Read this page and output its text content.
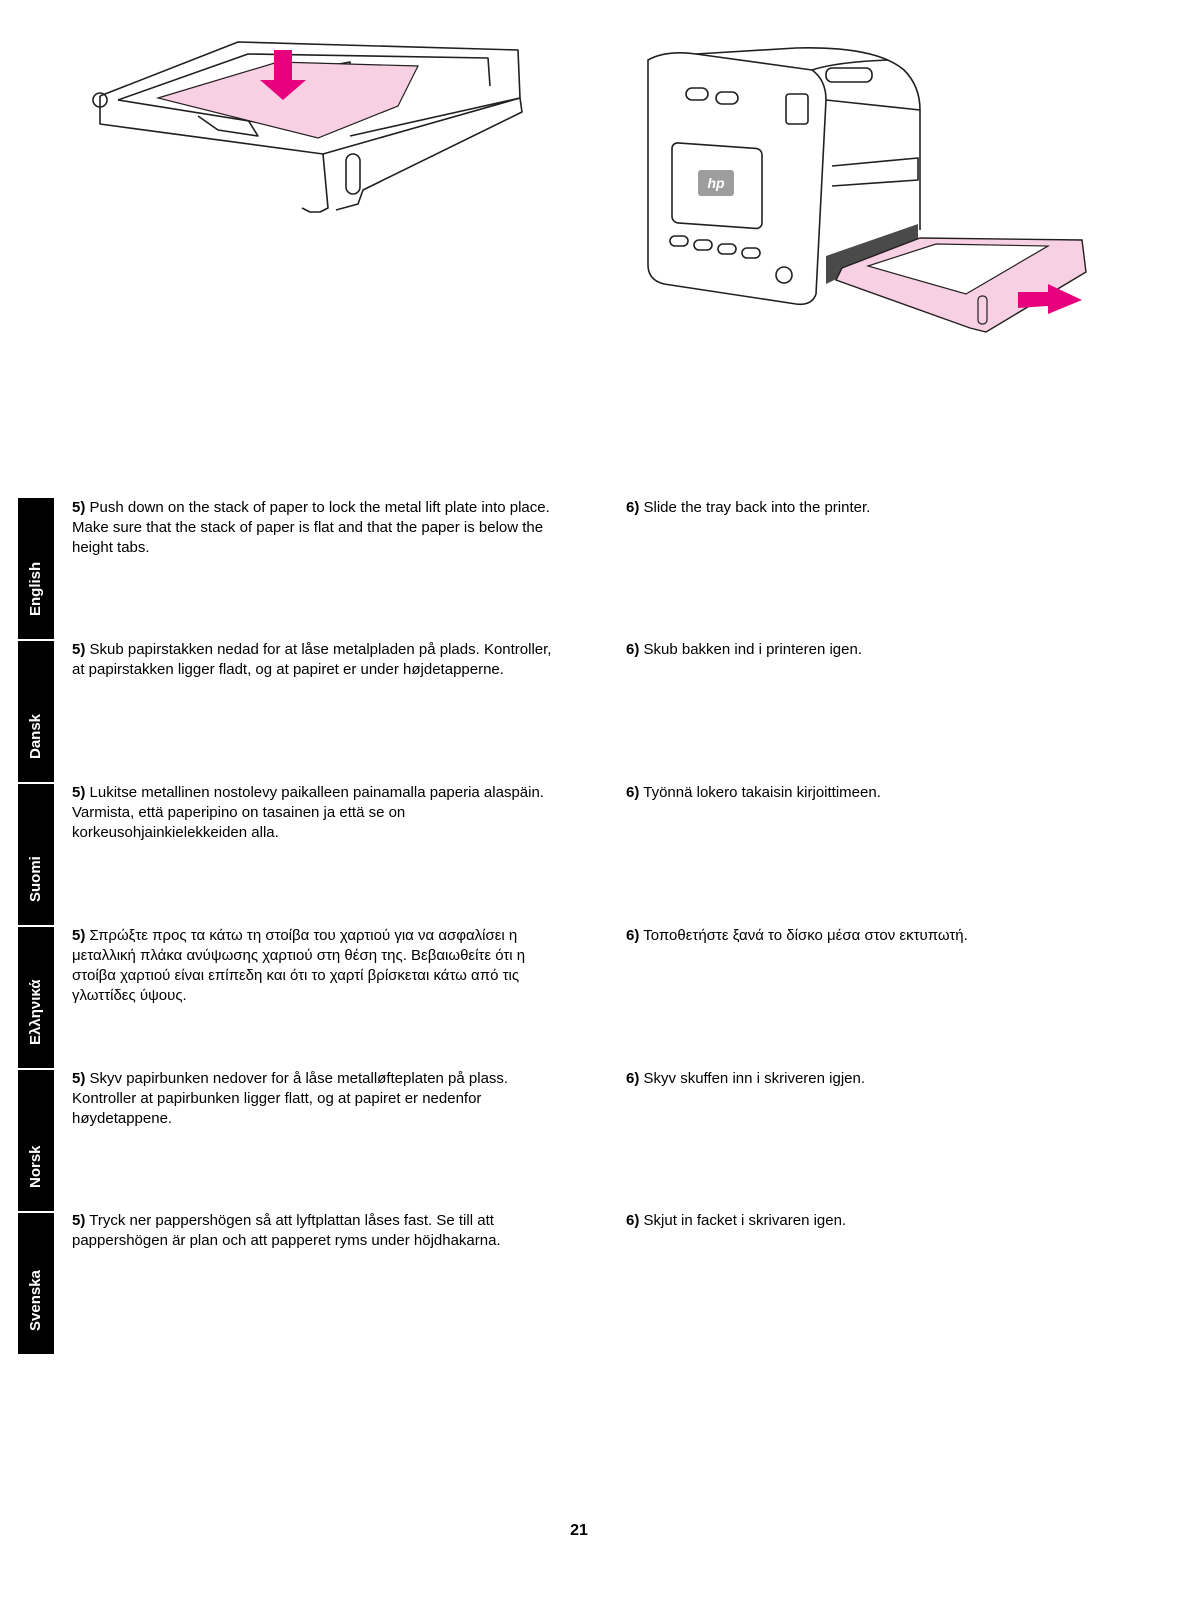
hp
English
Dansk
Suomi
Ελληνικά
Norsk
Svenska
5) Push down on the stack of paper to lock the metal lift plate into place. Make sure that the stack of paper is flat and that the paper is below the height tabs.
5) Skub papirstakken nedad for at låse metalpladen på plads. Kontroller, at papirstakken ligger fladt, og at papiret er under højdetapperne.
5) Lukitse metallinen nostolevy paikalleen painamalla paperia alaspäin. Varmista, että paperipino on tasainen ja että se on korkeusohjainkielekkeiden alla.
5) Σπρώξτε προς τα κάτω τη στοίβα του χαρτιού για να ασφαλίσει η μεταλλική πλάκα ανύψωσης χαρτιού στη θέση της. Βεβαιωθείτε ότι η στοίβα χαρτιού είναι επίπεδη και ότι το χαρτί βρίσκεται κάτω από τις γλωττίδες ύψους.
5) Skyv papirbunken nedover for å låse metalløfteplaten på plass. Kontroller at papirbunken ligger flatt, og at papiret er nedenfor høydetappene.
5) Tryck ner pappershögen så att lyftplattan låses fast. Se till att pappershögen är plan och att papperet ryms under höjdhakarna.
6) Slide the tray back into the printer.
6) Skub bakken ind i printeren igen.
6) Työnnä lokero takaisin kirjoittimeen.
6) Τοποθετήστε ξανά το δίσκο μέσα στον εκτυπωτή.
6) Skyv skuffen inn i skriveren igjen.
6) Skjut in facket i skrivaren igen.
21
